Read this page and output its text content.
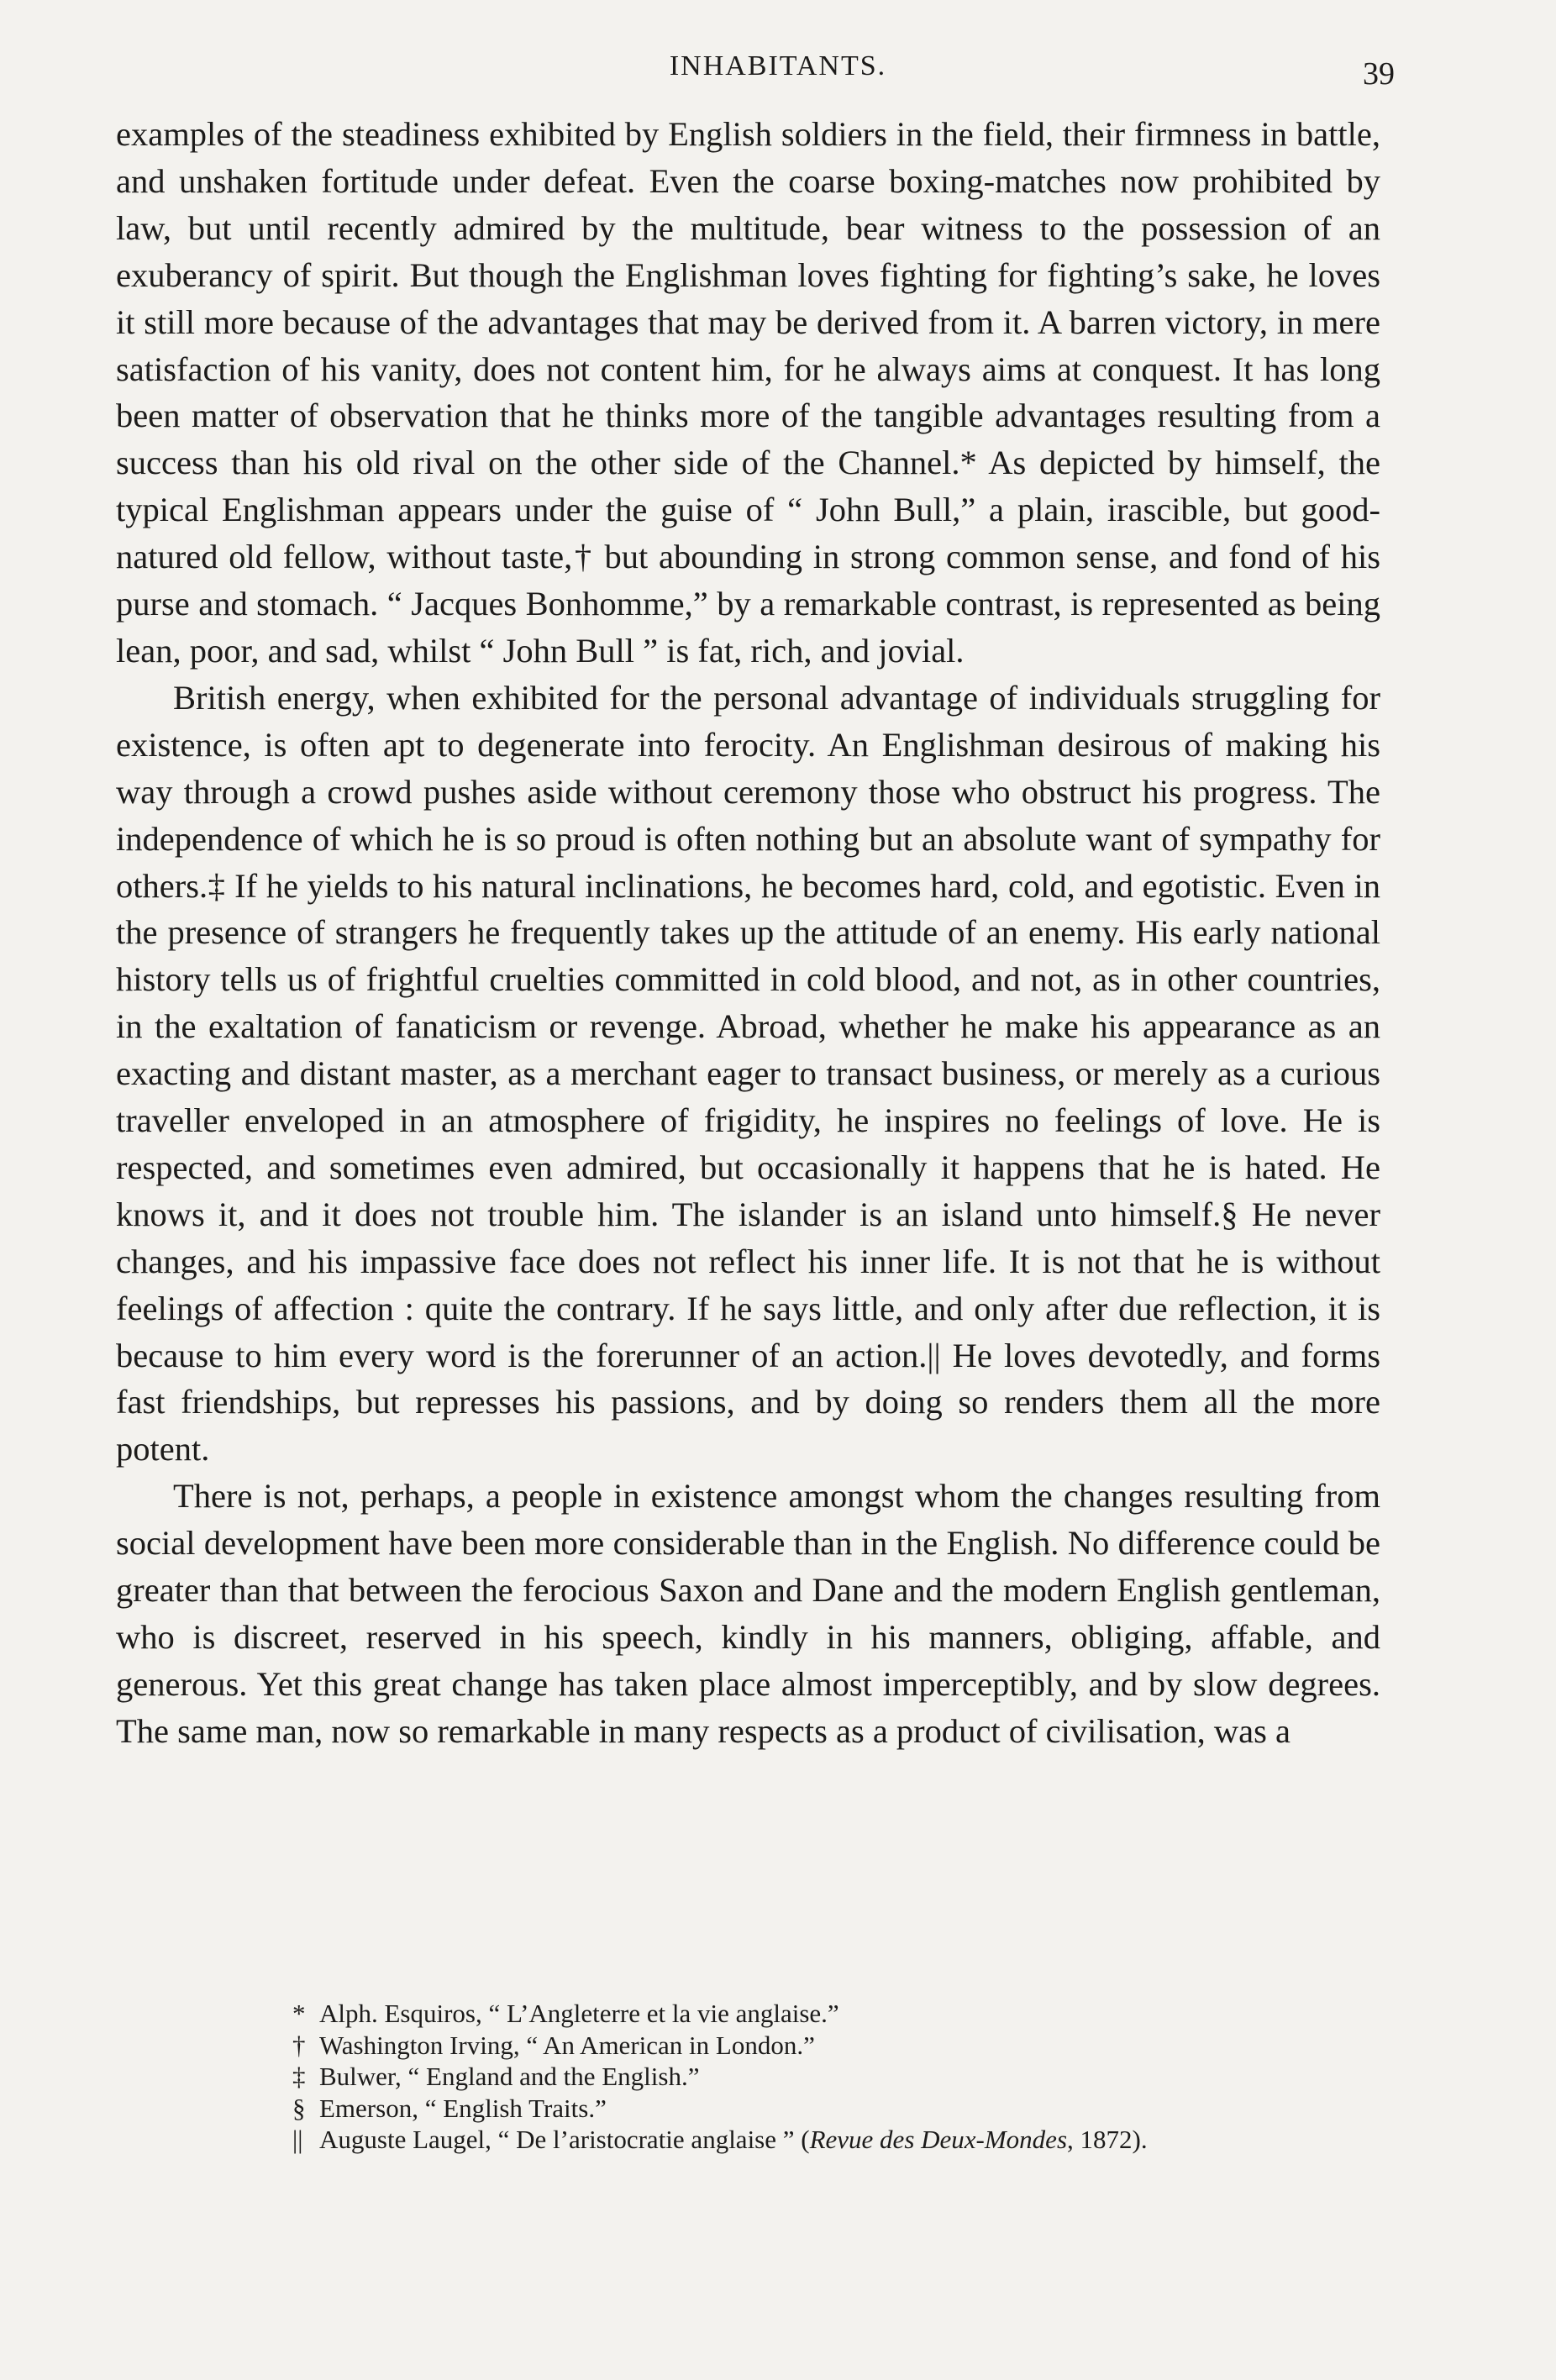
INHABITANTS.	39

examples of the steadiness exhibited by English soldiers in the field, their firmness in battle, and unshaken fortitude under defeat. Even the coarse boxing-matches now prohibited by law, but until recently admired by the multitude, bear witness to the possession of an exuberancy of spirit. But though the Englishman loves fighting for fighting’s sake, he loves it still more because of the advantages that may be derived from it. A barren victory, in mere satisfaction of his vanity, does not content him, for he always aims at conquest. It has long been matter of observation that he thinks more of the tangible advantages resulting from a success than his old rival on the other side of the Channel.* As depicted by himself, the typical Englishman appears under the guise of “ John Bull,” a plain, irascible, but good-natured old fellow, without taste,† but abounding in strong common sense, and fond of his purse and stomach. “ Jacques Bonhomme,” by a remarkable contrast, is represented as being lean, poor, and sad, whilst “ John Bull ” is fat, rich, and jovial.

British energy, when exhibited for the personal advantage of individuals struggling for existence, is often apt to degenerate into ferocity. An Englishman desirous of making his way through a crowd pushes aside without ceremony those who obstruct his progress. The independence of which he is so proud is often nothing but an absolute want of sympathy for others.‡ If he yields to his natural inclinations, he becomes hard, cold, and egotistic. Even in the presence of strangers he frequently takes up the attitude of an enemy. His early national history tells us of frightful cruelties committed in cold blood, and not, as in other countries, in the exaltation of fanaticism or revenge. Abroad, whether he make his appearance as an exacting and distant master, as a merchant eager to transact business, or merely as a curious traveller enveloped in an atmosphere of frigidity, he inspires no feelings of love. He is respected, and sometimes even admired, but occasionally it happens that he is hated. He knows it, and it does not trouble him. The islander is an island unto himself.§ He never changes, and his impassive face does not reflect his inner life. It is not that he is without feelings of affection : quite the contrary. If he says little, and only after due reflection, it is because to him every word is the forerunner of an action.|| He loves devotedly, and forms fast friendships, but represses his passions, and by doing so renders them all the more potent.

There is not, perhaps, a people in existence amongst whom the changes resulting from social development have been more considerable than in the English. No difference could be greater than that between the ferocious Saxon and Dane and the modern English gentleman, who is discreet, reserved in his speech, kindly in his manners, obliging, affable, and generous. Yet this great change has taken place almost imperceptibly, and by slow degrees. The same man, now so remarkable in many respects as a product of civilisation, was a

* Alph. Esquiros, “ L’Angleterre et la vie anglaise.”
† Washington Irving, “ An American in London.”
‡ Bulwer, “ England and the English.”
§ Emerson, “ English Traits.”
|| Auguste Laugel, “ De l’aristocratie anglaise ” (Revue des Deux-Mondes, 1872).
